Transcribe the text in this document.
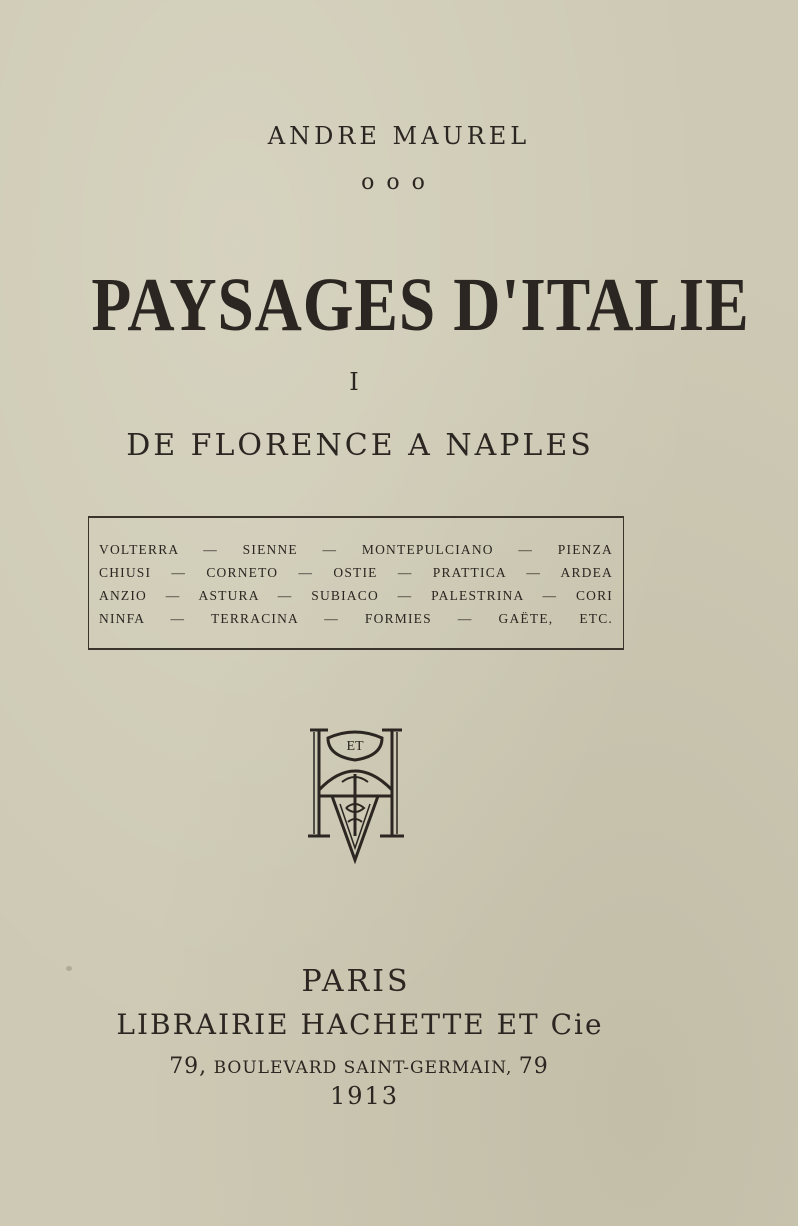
ANDRE MAUREL
ooo
PAYSAGES D'ITALIE
I
DE FLORENCE A NAPLES
VOLTERRA — SIENNE — MONTEPULCIANO — PIENZA
CHIUSI — CORNETO — OSTIE — PRATTICA — ARDEA
ANZIO — ASTURA — SUBIACO — PALESTRINA — CORI
NINFA — TERRACINA — FORMIES — GAËTE, ETC.
ET
PARIS
LIBRAIRIE HACHETTE ET Cie
79, BOULEVARD SAINT-GERMAIN, 79
1913
